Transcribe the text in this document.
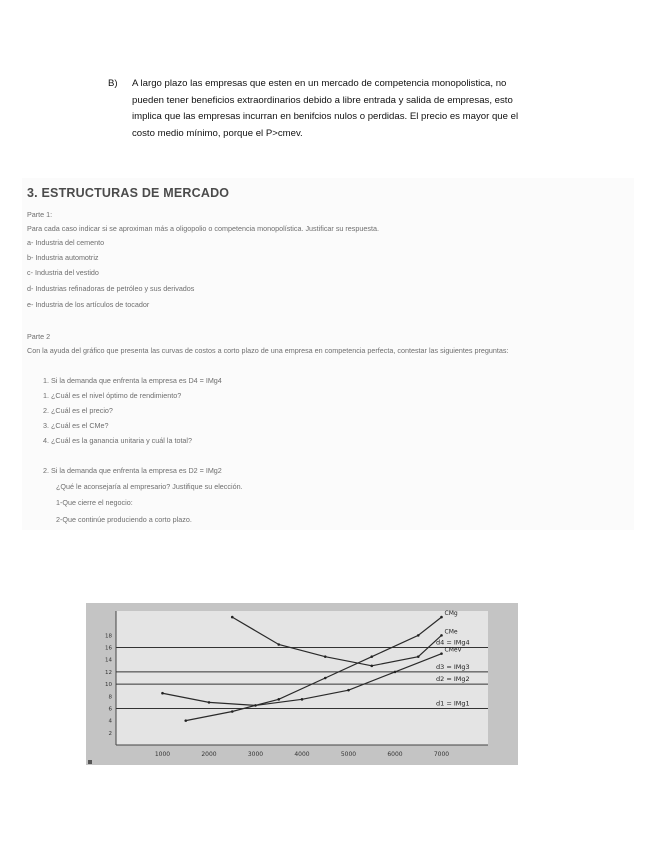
B) A largo plazo las empresas que esten en un mercado de competencia monopolistica, no
pueden tener beneficios extraordinarios debido a libre entrada y salida de empresas, esto
implica que las empresas incurran en benifcios nulos o perdidas. El precio es mayor que el
costo medio mínimo, porque el P>cmev.
3. ESTRUCTURAS DE MERCADO
Parte 1:
Para cada caso indicar si se aproximan más a oligopolio o competencia monopolística. Justificar su respuesta.
a- Industria del cemento
b- Industria automotriz
c- Industria del vestido
d- Industrias refinadoras de petróleo y sus derivados
e- Industria de los artículos de tocador
Parte 2
Con la ayuda del gráfico que presenta las curvas de costos a corto plazo de una empresa en competencia perfecta, contestar las siguientes preguntas:
1. Si la demanda que enfrenta la empresa es D4 = IMg4
1. ¿Cuál es el nivel óptimo de rendimiento?
2. ¿Cuál es el precio?
3. ¿Cuál es el CMe?
4. ¿Cuál es la ganancia unitaria y cuál la total?
2. Si la demanda que enfrenta la empresa es D2 = IMg2
¿Qué le aconsejaría al empresario? Justifique su elección.
1-Que cierre el negocio:
2-Que continúe produciendo a corto plazo.
d4 = IMg4
d3 = IMg3
d2 = IMg2
d1 = IMg1
18
16
14
12
10
8
6
4
2
1000	2000	3000	4000	5000	6000	7000
CMg
CMe
CMeV
